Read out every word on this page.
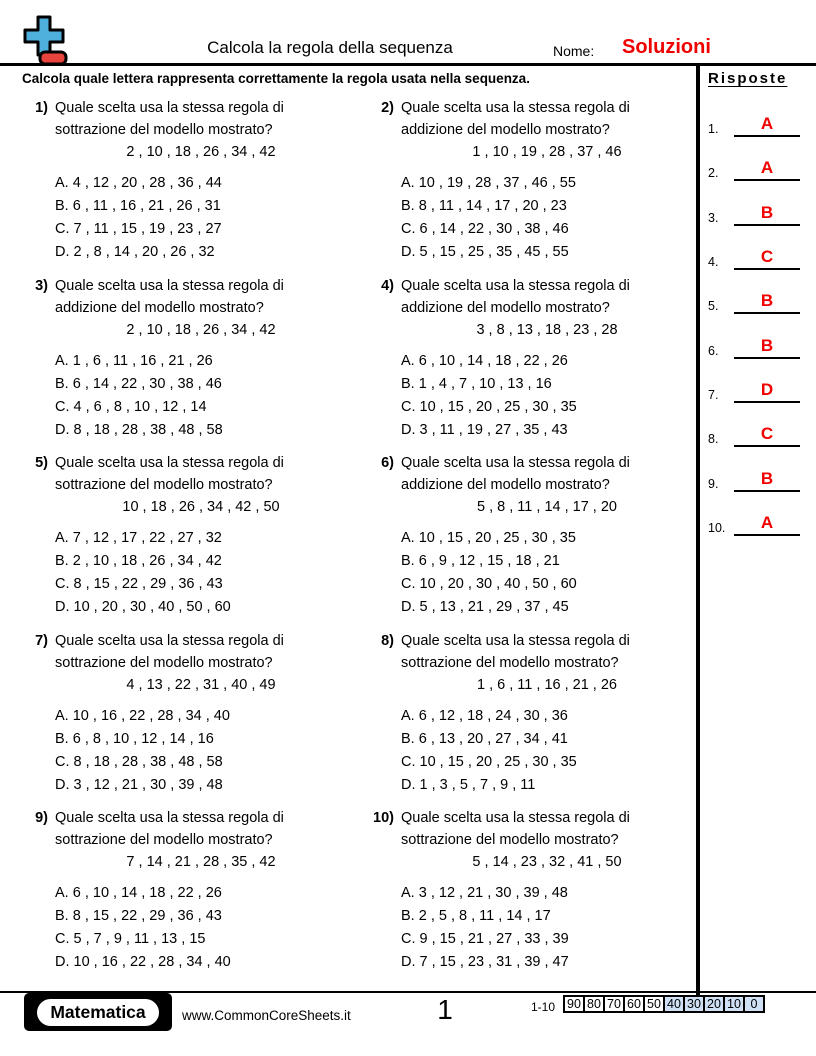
Calcola la regola della sequenza	Nome: Soluzioni
Calcola quale lettera rappresenta correttamente la regola usata nella sequenza.
1) Quale scelta usa la stessa regola di
sottrazione del modello mostrato?
2 , 10 , 18 , 26 , 34 , 42
A. 4 , 12 , 20 , 28 , 36 , 44
B. 6 , 11 , 16 , 21 , 26 , 31
C. 7 , 11 , 15 , 19 , 23 , 27
D. 2 , 8 , 14 , 20 , 26 , 32
2) Quale scelta usa la stessa regola di
addizione del modello mostrato?
1 , 10 , 19 , 28 , 37 , 46
A. 10 , 19 , 28 , 37 , 46 , 55
B. 8 , 11 , 14 , 17 , 20 , 23
C. 6 , 14 , 22 , 30 , 38 , 46
D. 5 , 15 , 25 , 35 , 45 , 55
3) Quale scelta usa la stessa regola di
addizione del modello mostrato?
2 , 10 , 18 , 26 , 34 , 42
A. 1 , 6 , 11 , 16 , 21 , 26
B. 6 , 14 , 22 , 30 , 38 , 46
C. 4 , 6 , 8 , 10 , 12 , 14
D. 8 , 18 , 28 , 38 , 48 , 58
4) Quale scelta usa la stessa regola di
addizione del modello mostrato?
3 , 8 , 13 , 18 , 23 , 28
A. 6 , 10 , 14 , 18 , 22 , 26
B. 1 , 4 , 7 , 10 , 13 , 16
C. 10 , 15 , 20 , 25 , 30 , 35
D. 3 , 11 , 19 , 27 , 35 , 43
5) Quale scelta usa la stessa regola di
sottrazione del modello mostrato?
10 , 18 , 26 , 34 , 42 , 50
A. 7 , 12 , 17 , 22 , 27 , 32
B. 2 , 10 , 18 , 26 , 34 , 42
C. 8 , 15 , 22 , 29 , 36 , 43
D. 10 , 20 , 30 , 40 , 50 , 60
6) Quale scelta usa la stessa regola di
addizione del modello mostrato?
5 , 8 , 11 , 14 , 17 , 20
A. 10 , 15 , 20 , 25 , 30 , 35
B. 6 , 9 , 12 , 15 , 18 , 21
C. 10 , 20 , 30 , 40 , 50 , 60
D. 5 , 13 , 21 , 29 , 37 , 45
7) Quale scelta usa la stessa regola di
sottrazione del modello mostrato?
4 , 13 , 22 , 31 , 40 , 49
A. 10 , 16 , 22 , 28 , 34 , 40
B. 6 , 8 , 10 , 12 , 14 , 16
C. 8 , 18 , 28 , 38 , 48 , 58
D. 3 , 12 , 21 , 30 , 39 , 48
8) Quale scelta usa la stessa regola di
sottrazione del modello mostrato?
1 , 6 , 11 , 16 , 21 , 26
A. 6 , 12 , 18 , 24 , 30 , 36
B. 6 , 13 , 20 , 27 , 34 , 41
C. 10 , 15 , 20 , 25 , 30 , 35
D. 1 , 3 , 5 , 7 , 9 , 11
9) Quale scelta usa la stessa regola di
sottrazione del modello mostrato?
7 , 14 , 21 , 28 , 35 , 42
A. 6 , 10 , 14 , 18 , 22 , 26
B. 8 , 15 , 22 , 29 , 36 , 43
C. 5 , 7 , 9 , 11 , 13 , 15
D. 10 , 16 , 22 , 28 , 34 , 40
10) Quale scelta usa la stessa regola di
sottrazione del modello mostrato?
5 , 14 , 23 , 32 , 41 , 50
A. 3 , 12 , 21 , 30 , 39 , 48
B. 2 , 5 , 8 , 11 , 14 , 17
C. 9 , 15 , 21 , 27 , 33 , 39
D. 7 , 15 , 23 , 31 , 39 , 47
Risposte
1.	A
2.	A
3.	B
4.	C
5.	B
6.	B
7.	D
8.	C
9.	B
10.	A
Matematica	www.CommonCoreSheets.it	1	1-10 90 80 70 60 50 40 30 20 10 0
